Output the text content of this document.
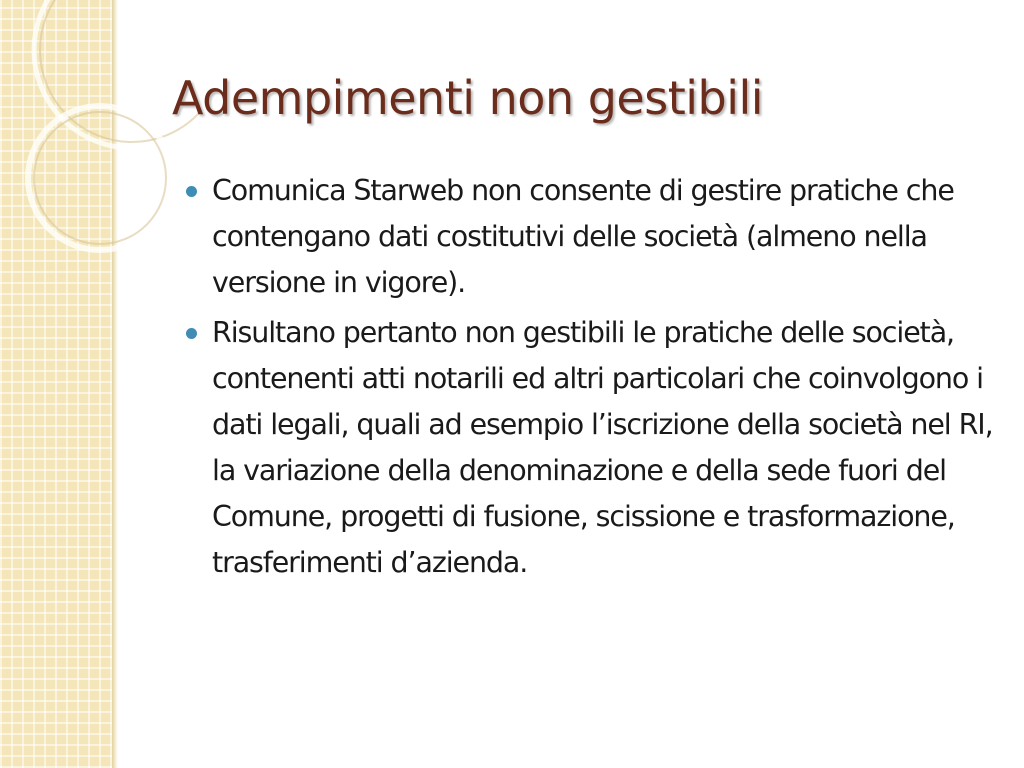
Adempimenti non gestibili
Comunica Starweb non consente di gestire pratiche che contengano dati costitutivi delle società (almeno nella versione in vigore).
Risultano pertanto non gestibili le pratiche delle società, contenenti atti notarili ed altri particolari che coinvolgono i dati legali, quali ad esempio l’iscrizione della società nel RI, la variazione della denominazione e della sede fuori del Comune, progetti di fusione, scissione e trasformazione, trasferimenti d’azienda.
